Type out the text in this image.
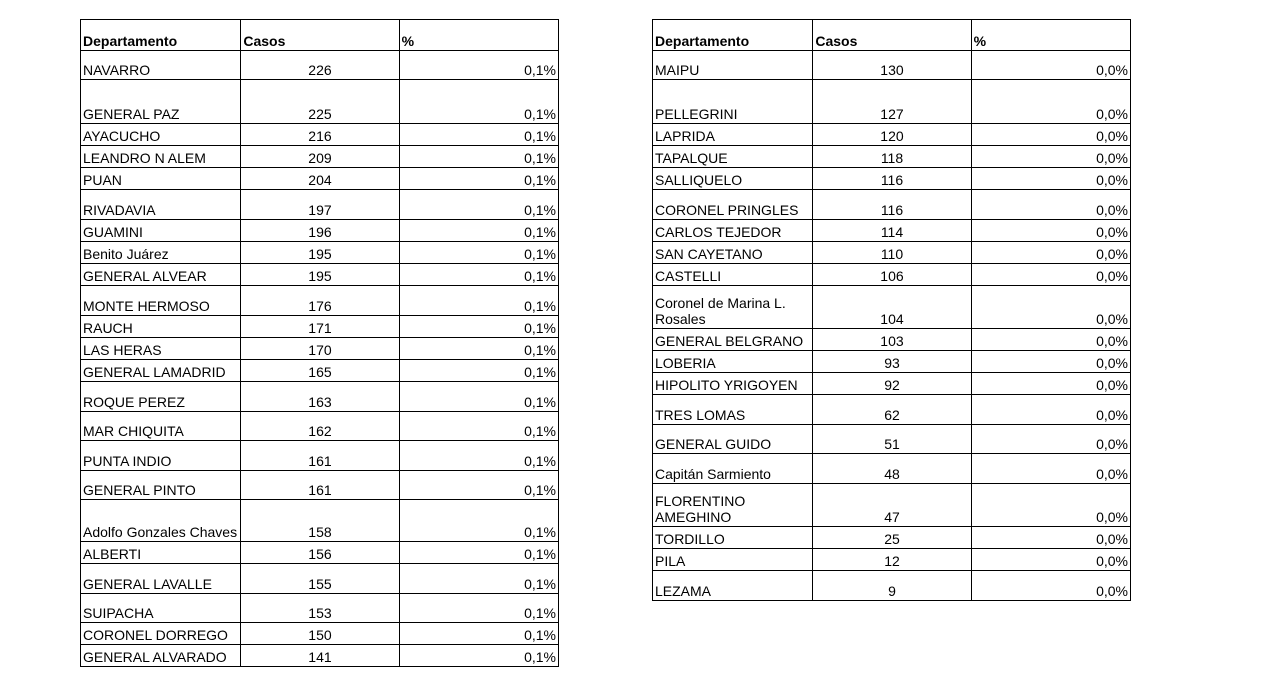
Departamento	Casos	%
NAVARRO	226	0,1%
GENERAL PAZ	225	0,1%
AYACUCHO	216	0,1%
LEANDRO N ALEM	209	0,1%
PUAN	204	0,1%
RIVADAVIA	197	0,1%
GUAMINI	196	0,1%
Benito Juárez	195	0,1%
GENERAL ALVEAR	195	0,1%
MONTE HERMOSO	176	0,1%
RAUCH	171	0,1%
LAS HERAS	170	0,1%
GENERAL LAMADRID	165	0,1%
ROQUE PEREZ	163	0,1%
MAR CHIQUITA	162	0,1%
PUNTA INDIO	161	0,1%
GENERAL PINTO	161	0,1%
Adolfo Gonzales Chaves	158	0,1%
ALBERTI	156	0,1%
GENERAL LAVALLE	155	0,1%
SUIPACHA	153	0,1%
CORONEL DORREGO	150	0,1%
GENERAL ALVARADO	141	0,1%
Departamento	Casos	%
MAIPU	130	0,0%
PELLEGRINI	127	0,0%
LAPRIDA	120	0,0%
TAPALQUE	118	0,0%
SALLIQUELO	116	0,0%
CORONEL PRINGLES	116	0,0%
CARLOS TEJEDOR	114	0,0%
SAN CAYETANO	110	0,0%
CASTELLI	106	0,0%
Coronel de Marina L. Rosales	104	0,0%
GENERAL BELGRANO	103	0,0%
LOBERIA	93	0,0%
HIPOLITO YRIGOYEN	92	0,0%
TRES LOMAS	62	0,0%
GENERAL GUIDO	51	0,0%
Capitán Sarmiento	48	0,0%
FLORENTINO AMEGHINO	47	0,0%
TORDILLO	25	0,0%
PILA	12	0,0%
LEZAMA	9	0,0%
